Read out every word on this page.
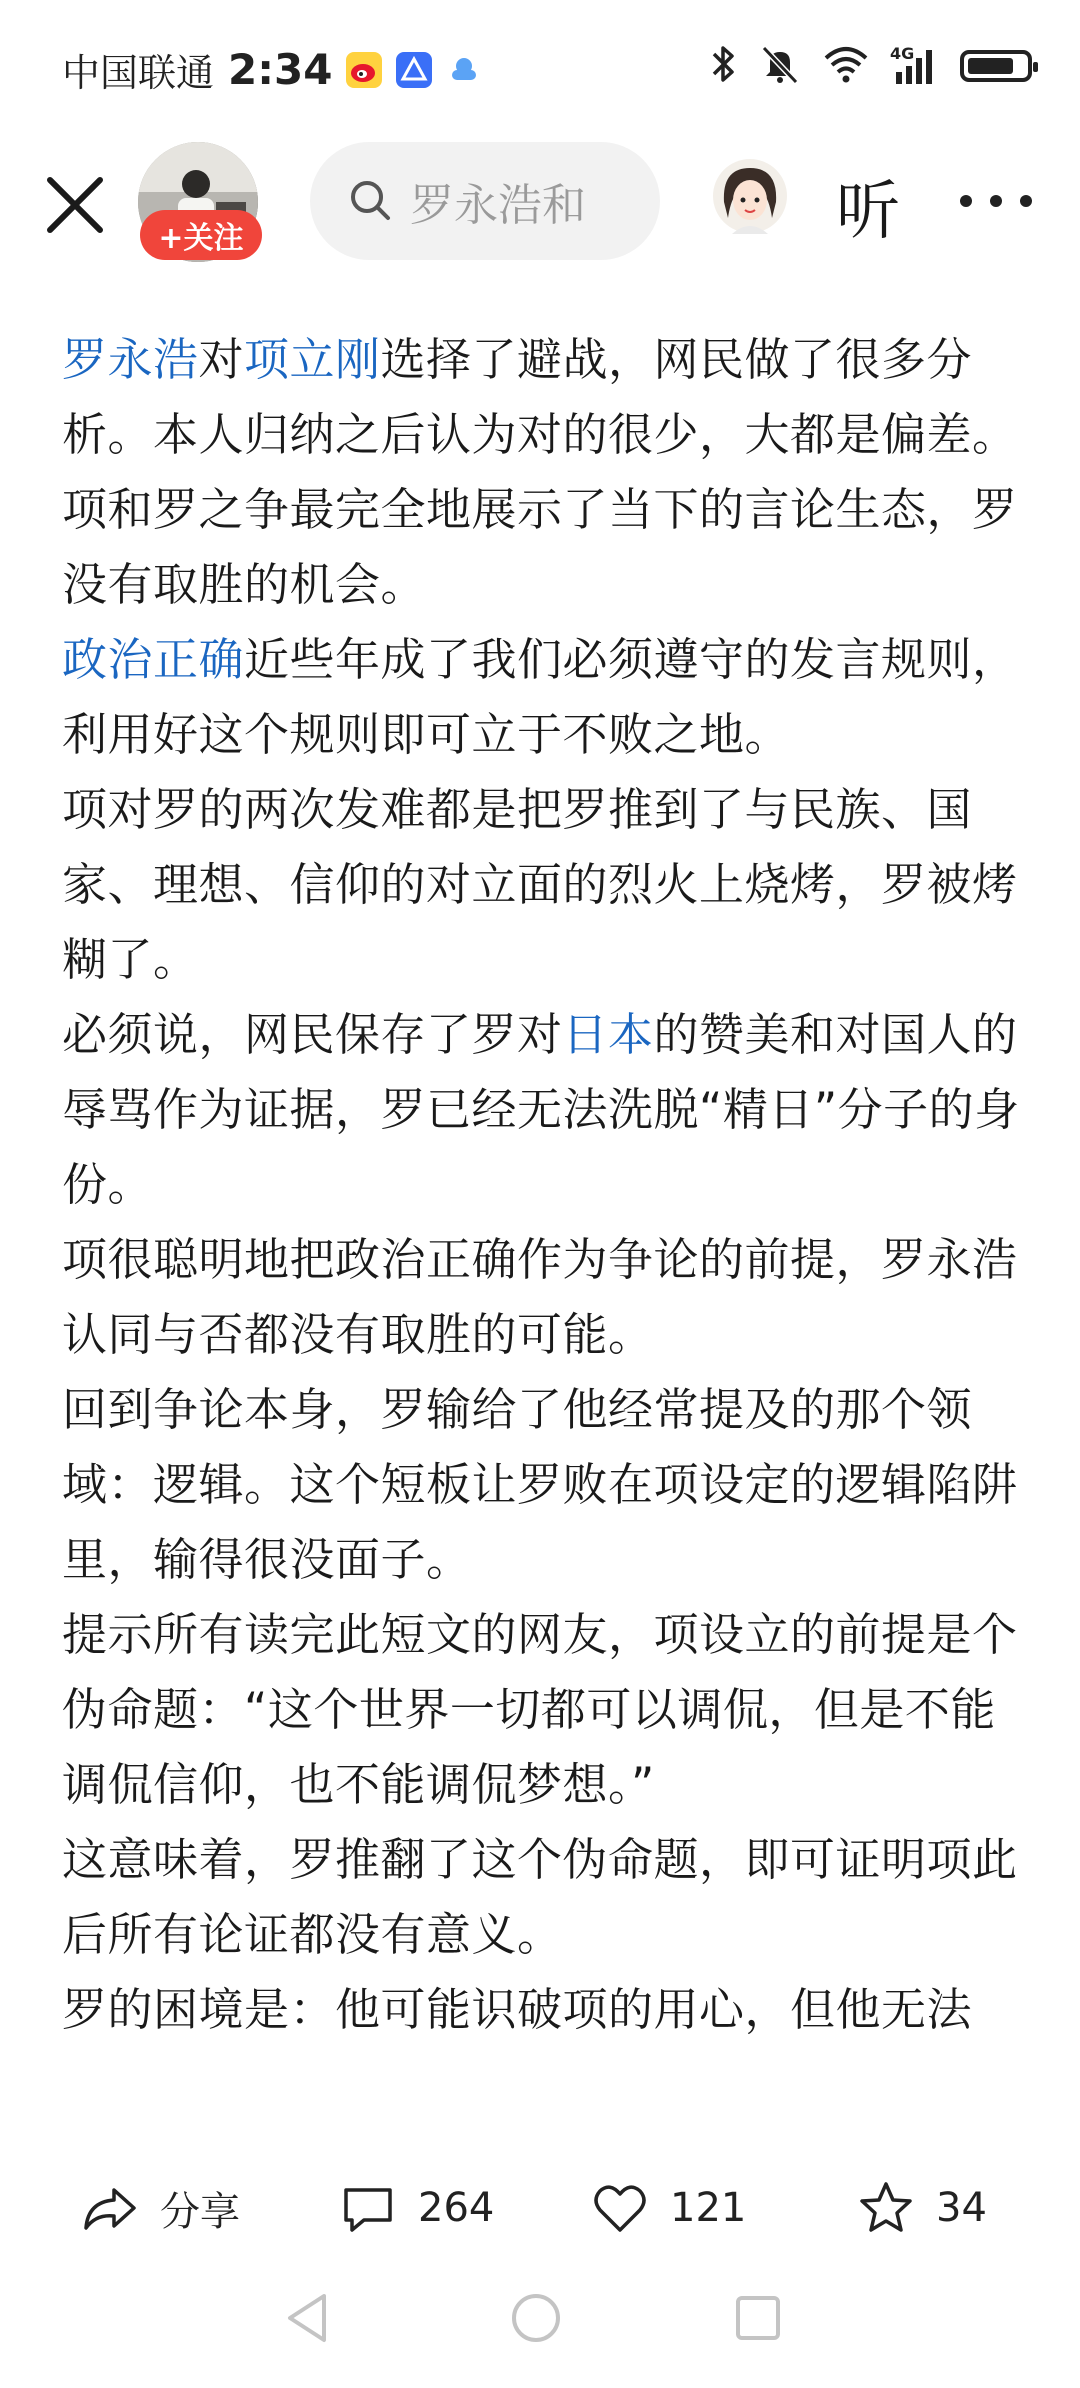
中国联通 2:34	4G
+关注
罗永浩和	听

罗永浩对项立刚选择了避战，网民做了很多分析。本人归纳之后认为对的很少，大都是偏差。

项和罗之争最完全地展示了当下的言论生态，罗没有取胜的机会。

政治正确近些年成了我们必须遵守的发言规则，利用好这个规则即可立于不败之地。

项对罗的两次发难都是把罗推到了与民族、国家、理想、信仰的对立面的烈火上烧烤，罗被烤糊了。

必须说，网民保存了罗对日本的赞美和对国人的辱骂作为证据，罗已经无法洗脱“精日”分子的身份。

项很聪明地把政治正确作为争论的前提，罗永浩认同与否都没有取胜的可能。

回到争论本身，罗输给了他经常提及的那个领域：逻辑。这个短板让罗败在项设定的逻辑陷阱里，输得很没面子。

提示所有读完此短文的网友，项设立的前提是个伪命题：“这个世界一切都可以调侃，但是不能调侃信仰，也不能调侃梦想。”

这意味着，罗推翻了这个伪命题，即可证明项此后所有论证都没有意义。

罗的困境是：他可能识破项的用心，但他无法

分享	264	121	34
